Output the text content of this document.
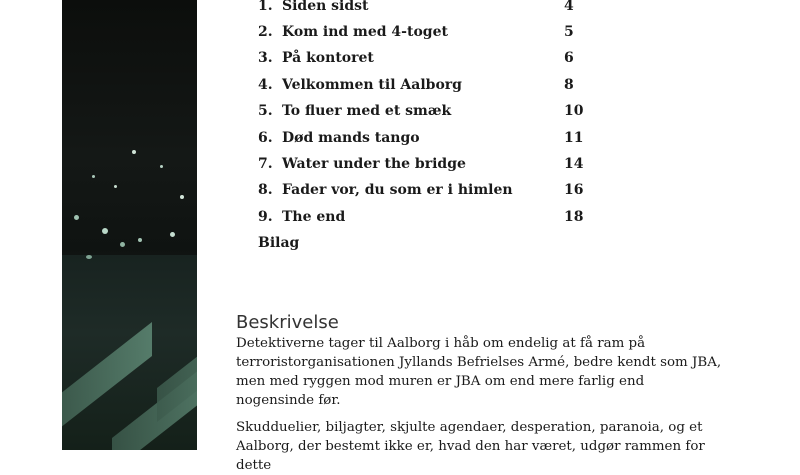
1. Siden sidst	4
2. Kom ind med 4-toget	5
3. På kontoret	6
4. Velkommen til Aalborg	8
5. To fluer med et smæk	10
6. Død mands tango	11
7. Water under the bridge	14
8. Fader vor, du som er i himlen	16
9. The end	18
Bilag
Beskrivelse

Detektiverne tager til Aalborg i håb om endelig at få ram på terroristorganisationen Jyllands Befrielses Armé, bedre kendt som JBA, men med ryggen mod muren er JBA om end mere farlig end nogensinde før.

Skudduelier, biljagter, skjulte agendaer, desperation, paranoia, og et Aalborg, der bestemt ikke er, hvad den har været, udgør rammen for dette
